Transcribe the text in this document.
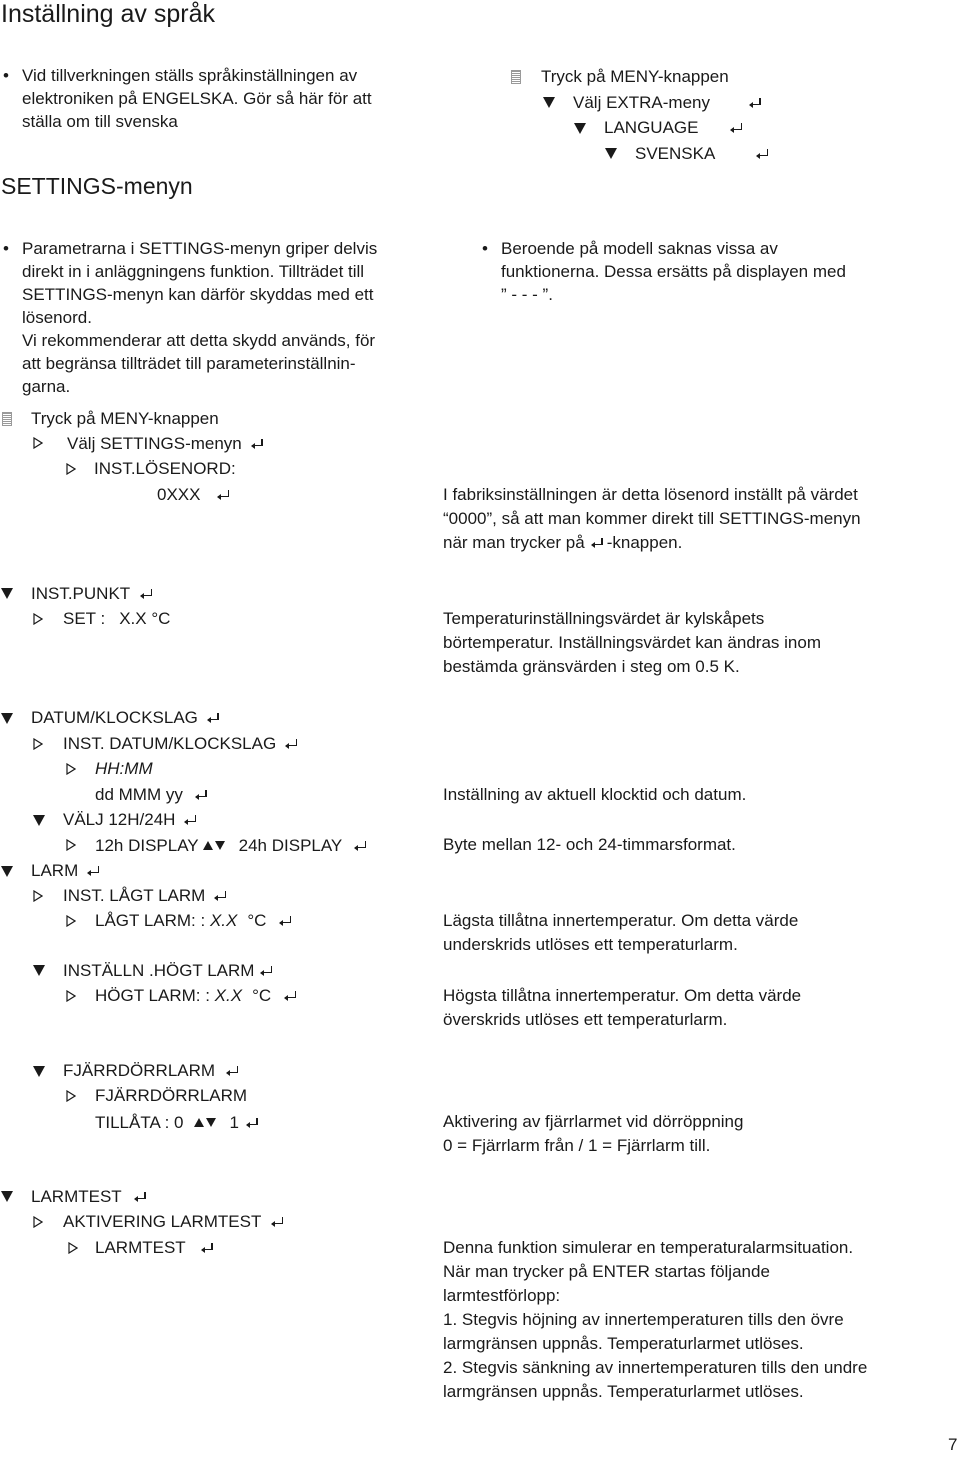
Inställning av språk
• Vid tillverkningen ställs språkinställningen av
elektroniken på ENGELSKA. Gör så här för att
ställa om till svenska
Tryck på MENY-knappen
Välj EXTRA-meny
LANGUAGE
SVENSKA
SETTINGS-menyn
• Parametrarna i SETTINGS-menyn griper delvis
direkt in i anläggningens funktion. Tillträdet till
SETTINGS-menyn kan därför skyddas med ett
lösenord.
Vi rekommenderar att detta skydd används, för
att begränsa tillträdet till parameterinställnin-
garna.
• Beroende på modell saknas vissa av
funktionerna. Dessa ersätts på displayen med
” - - - ”.
Tryck på MENY-knappen
Välj SETTINGS-menyn
INST.LÖSENORD:
0XXX	I fabriksinställningen är detta lösenord inställt på värdet
“0000”, så att man kommer direkt till SETTINGS-menyn
när man trycker på -knappen.
INST.PUNKT
SET : X.X °C	Temperaturinställningsvärdet är kylskåpets
börtemperatur. Inställningsvärdet kan ändras inom
bestämda gränsvärden i steg om 0.5 K.
DATUM/KLOCKSLAG
INST. DATUM/KLOCKSLAG
HH:MM
dd MMM yy	Inställning av aktuell klocktid och datum.
VÄLJ 12H/24H
12h DISPLAY 24h DISPLAY	Byte mellan 12- och 24-timmarsformat.
LARM
INST. LÅGT LARM
LÅGT LARM: : X.X °C	Lägsta tillåtna innertemperatur. Om detta värde
underskrids utlöses ett temperaturlarm.
INSTÄLLN .HÖGT LARM
HÖGT LARM: : X.X °C	Högsta tillåtna innertemperatur. Om detta värde
överskrids utlöses ett temperaturlarm.
FJÄRRDÖRRLARM
FJÄRRDÖRRLARM
TILLÅTA : 0	1	Aktivering av fjärrlarmet vid dörröppning
0 = Fjärrlarm från / 1 = Fjärrlarm till.
LARMTEST
AKTIVERING LARMTEST
LARMTEST	Denna funktion simulerar en temperaturalarmsituation.
När man trycker på ENTER startas följande
larmtestförlopp:
1. Stegvis höjning av innertemperaturen tills den övre
larmgränsen uppnås. Temperaturlarmet utlöses.
2. Stegvis sänkning av innertemperaturen tills den undre
larmgränsen uppnås. Temperaturlarmet utlöses.
7
